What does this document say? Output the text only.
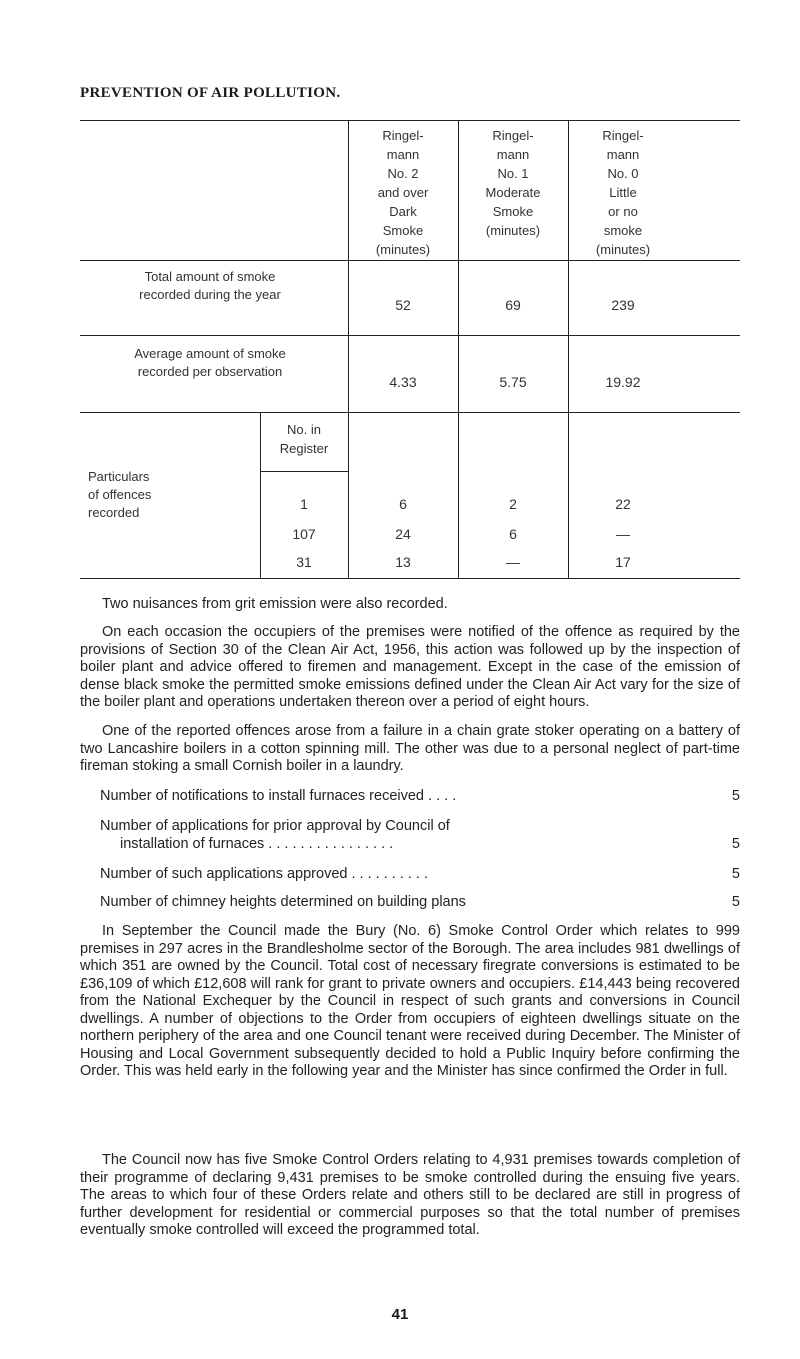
PREVENTION OF AIR POLLUTION.
Ringel-
mann
No. 2
and over
Dark
Smoke
(minutes)
Ringel-
mann
No. 1
Moderate
Smoke
(minutes)
Ringel-
mann
No. 0
Little
or no
smoke
(minutes)
Total amount of smoke
recorded during the year
52	69	239
Average amount of smoke
recorded per observation
4.33	5.75	19.92
Particulars
of offences
recorded
No. in
Register
1	6	2	22
107	24	6	—
31	13	—	17
Two nuisances from grit emission were also recorded.
On each occasion the occupiers of the premises were notified of the offence as required by the provisions of Section 30 of the Clean Air Act, 1956, this action was followed up by the inspection of boiler plant and advice offered to firemen and management. Except in the case of the emission of dense black smoke the permitted smoke emissions defined under the Clean Air Act vary for the size of the boiler plant and operations undertaken thereon over a period of eight hours.
One of the reported offences arose from a failure in a chain grate stoker operating on a battery of two Lancashire boilers in a cotton spinning mill. The other was due to a personal neglect of part-time fireman stoking a small Cornish boiler in a laundry.
Number of notifications to install furnaces received . . . .	5
Number of applications for prior approval by Council of
installation of furnaces . . . . . . . . . . . . . . . .	5
Number of such applications approved . . . . . . . . . .	5
Number of chimney heights determined on building plans	5
In September the Council made the Bury (No. 6) Smoke Control Order which relates to 999 premises in 297 acres in the Brandlesholme sector of the Borough. The area includes 981 dwellings of which 351 are owned by the Council. Total cost of necessary firegrate conversions is estimated to be £36,109 of which £12,608 will rank for grant to private owners and occupiers. £14,443 being recovered from the National Exchequer by the Council in respect of such grants and conversions in Council dwellings. A number of objections to the Order from occupiers of eighteen dwellings situate on the northern periphery of the area and one Council tenant were received during December. The Minister of Housing and Local Government subsequently decided to hold a Public Inquiry before confirming the Order. This was held early in the following year and the Minister has since confirmed the Order in full.
The Council now has five Smoke Control Orders relating to 4,931 premises towards completion of their programme of declaring 9,431 premises to be smoke controlled during the ensuing five years. The areas to which four of these Orders relate and others still to be declared are still in progress of further development for residential or commercial purposes so that the total number of premises eventually smoke controlled will exceed the programmed total.
41
